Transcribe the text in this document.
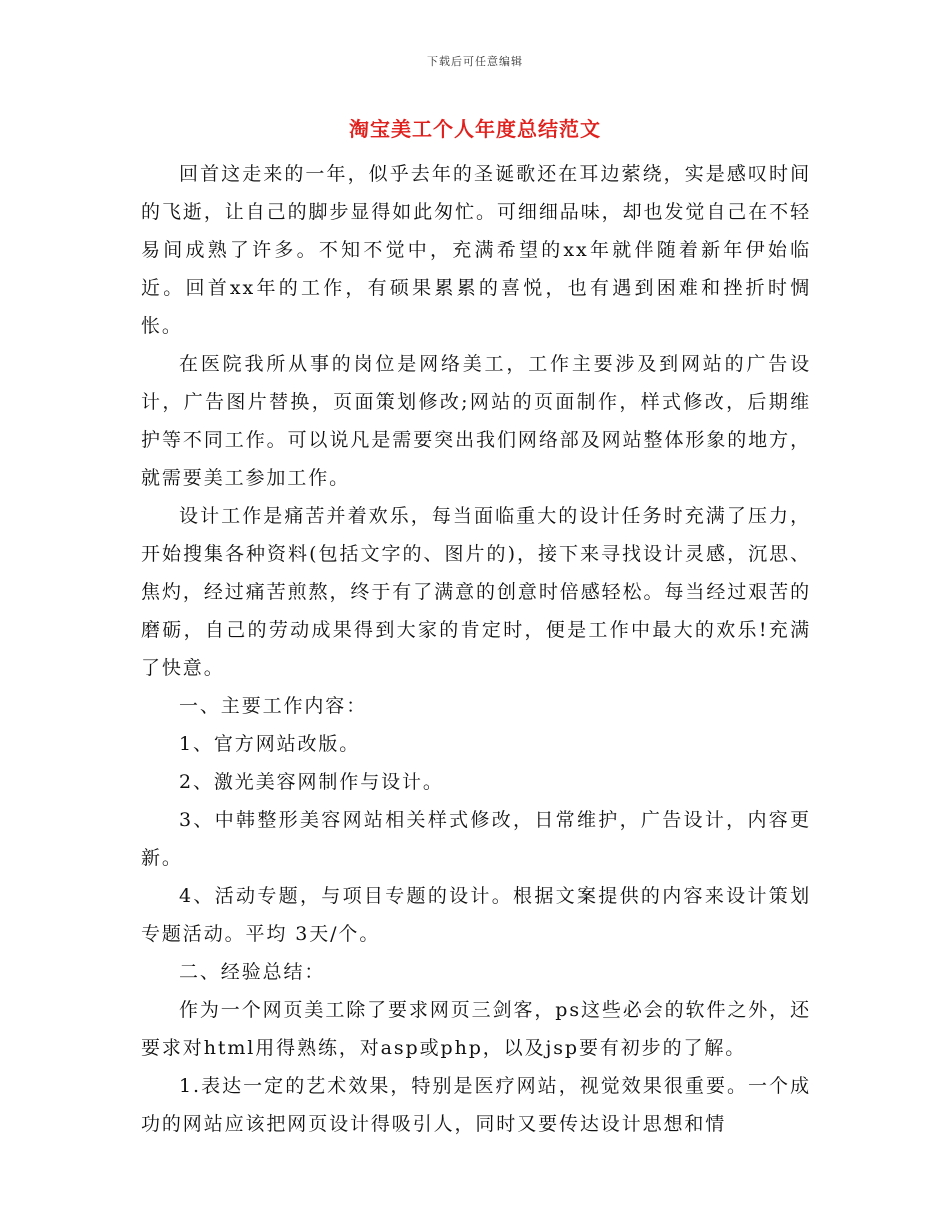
下载后可任意编辑
淘宝美工个人年度总结范文

回首这走来的一年，似乎去年的圣诞歌还在耳边萦绕，实是感叹时间的飞逝，让自己的脚步显得如此匆忙。可细细品味，却也发觉自己在不轻易间成熟了许多。不知不觉中，充满希望的xx年就伴随着新年伊始临近。回首xx年的工作，有硕果累累的喜悦，也有遇到困难和挫折时惆怅。

在医院我所从事的岗位是网络美工，工作主要涉及到网站的广告设计，广告图片替换，页面策划修改;网站的页面制作，样式修改，后期维护等不同工作。可以说凡是需要突出我们网络部及网站整体形象的地方，就需要美工参加工作。

设计工作是痛苦并着欢乐，每当面临重大的设计任务时充满了压力，开始搜集各种资料(包括文字的、图片的)，接下来寻找设计灵感，沉思、焦灼，经过痛苦煎熬，终于有了满意的创意时倍感轻松。每当经过艰苦的磨砺，自己的劳动成果得到大家的肯定时，便是工作中最大的欢乐!充满了快意。

一、主要工作内容：

1、官方网站改版。

2、激光美容网制作与设计。

3、中韩整形美容网站相关样式修改，日常维护，广告设计，内容更新。

4、活动专题，与项目专题的设计。根据文案提供的内容来设计策划专题活动。平均 3天/个。

二、经验总结：

作为一个网页美工除了要求网页三剑客，ps这些必会的软件之外，还要求对html用得熟练，对asp或php，以及jsp要有初步的了解。

1.表达一定的艺术效果，特别是医疗网站，视觉效果很重要。一个成功的网站应该把网页设计得吸引人，同时又要传达设计思想和情
